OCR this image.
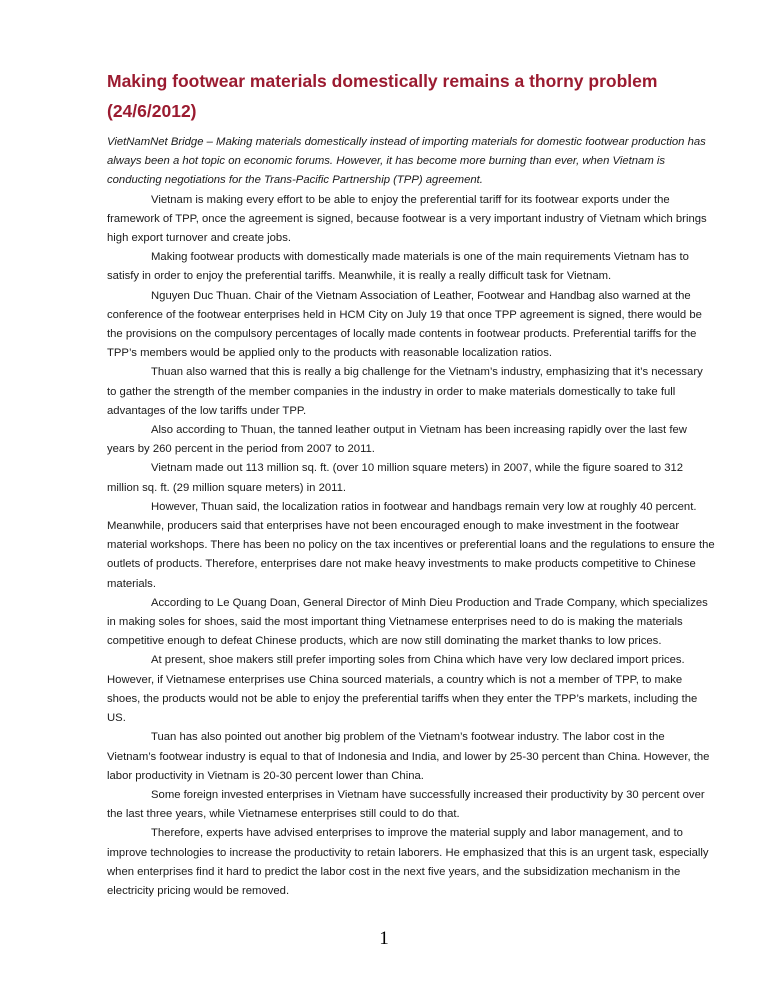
Making footwear materials domestically remains a thorny problem (24/6/2012)

VietNamNet Bridge – Making materials domestically instead of importing materials for domestic footwear production has always been a hot topic on economic forums. However, it has become more burning than ever, when Vietnam is conducting negotiations for the Trans-Pacific Partnership (TPP) agreement.

Vietnam is making every effort to be able to enjoy the preferential tariff for its footwear exports under the framework of TPP, once the agreement is signed, because footwear is a very important industry of Vietnam which brings high export turnover and create jobs.

Making footwear products with domestically made materials is one of the main requirements Vietnam has to satisfy in order to enjoy the preferential tariffs. Meanwhile, it is really a really difficult task for Vietnam.

Nguyen Duc Thuan. Chair of the Vietnam Association of Leather, Footwear and Handbag also warned at the conference of the footwear enterprises held in HCM City on July 19 that once TPP agreement is signed, there would be the provisions on the compulsory percentages of locally made contents in footwear products. Preferential tariffs for the TPP’s members would be applied only to the products with reasonable localization ratios.

Thuan also warned that this is really a big challenge for the Vietnam’s industry, emphasizing that it’s necessary to gather the strength of the member companies in the industry in order to make materials domestically to take full advantages of the low tariffs under TPP.

Also according to Thuan, the tanned leather output in Vietnam has been increasing rapidly over the last few years by 260 percent in the period from 2007 to 2011.

Vietnam made out 113 million sq. ft. (over 10 million square meters) in 2007, while the figure soared to 312 million sq. ft. (29 million square meters) in 2011.

However, Thuan said, the localization ratios in footwear and handbags remain very low at roughly 40 percent. Meanwhile, producers said that enterprises have not been encouraged enough to make investment in the footwear material workshops. There has been no policy on the tax incentives or preferential loans and the regulations to ensure the outlets of products. Therefore, enterprises dare not make heavy investments to make products competitive to Chinese materials.

According to Le Quang Doan, General Director of Minh Dieu Production and Trade Company, which specializes in making soles for shoes, said the most important thing Vietnamese enterprises need to do is making the materials competitive enough to defeat Chinese products, which are now still dominating the market thanks to low prices.

At present, shoe makers still prefer importing soles from China which have very low declared import prices. However, if Vietnamese enterprises use China sourced materials, a country which is not a member of TPP, to make shoes, the products would not be able to enjoy the preferential tariffs when they enter the TPP’s markets, including the US.

Tuan has also pointed out another big problem of the Vietnam’s footwear industry. The labor cost in the Vietnam’s footwear industry is equal to that of Indonesia and India, and lower by 25-30 percent than China. However, the labor productivity in Vietnam is 20-30 percent lower than China.

Some foreign invested enterprises in Vietnam have successfully increased their productivity by 30 percent over the last three years, while Vietnamese enterprises still could to do that.

Therefore, experts have advised enterprises to improve the material supply and labor management, and to improve technologies to increase the productivity to retain laborers. He emphasized that this is an urgent task, especially when enterprises find it hard to predict the labor cost in the next five years, and the subsidization mechanism in the electricity pricing would be removed.

1
